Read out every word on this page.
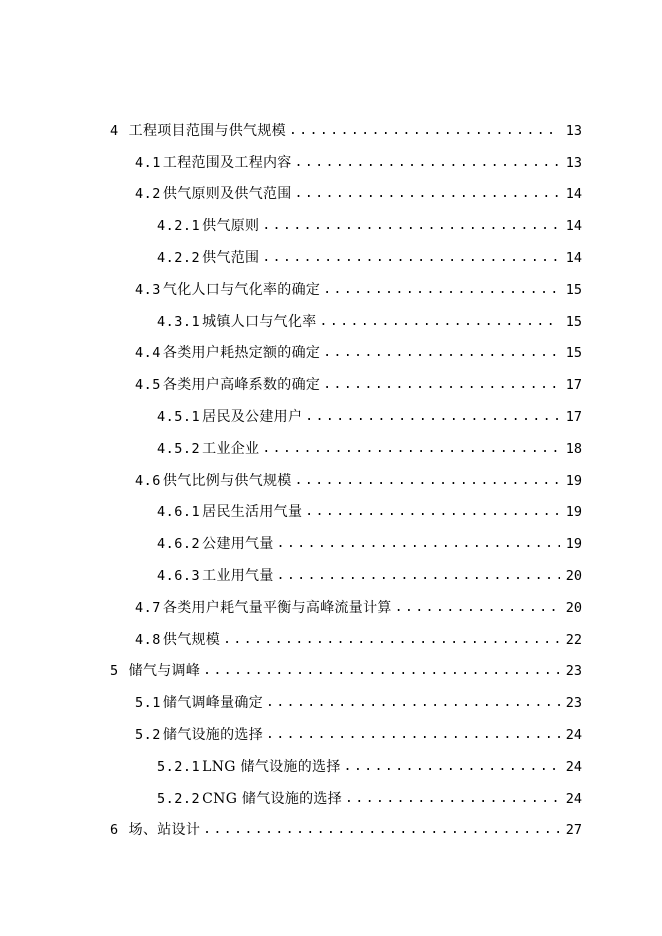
4 工程项目范围与供气规模 .....	13
4.1 工程范围及工程内容 .....	13
4.2 供气原则及供气范围 .....	14
4.2.1 供气原则 .....	14
4.2.2 供气范围 .....	14
4.3 气化人口与气化率的确定 .....	15
4.3.1 城镇人口与气化率 .....	15
4.4 各类用户耗热定额的确定 .....	15
4.5 各类用户高峰系数的确定 .....	17
4.5.1 居民及公建用户 .....	17
4.5.2 工业企业 .....	18
4.6 供气比例与供气规模 .....	19
4.6.1 居民生活用气量 .....	19
4.6.2 公建用气量 .....	19
4.6.3 工业用气量 .....	20
4.7 各类用户耗气量平衡与高峰流量计算 .....	20
4.8 供气规模 .....	22
5 储气与调峰 .....	23
5.1 储气调峰量确定 .....	23
5.2 储气设施的选择 .....	24
5.2.1 LNG 储气设施的选择 .....	24
5.2.2 CNG 储气设施的选择 .....	24
6 场、站设计 .....	27
